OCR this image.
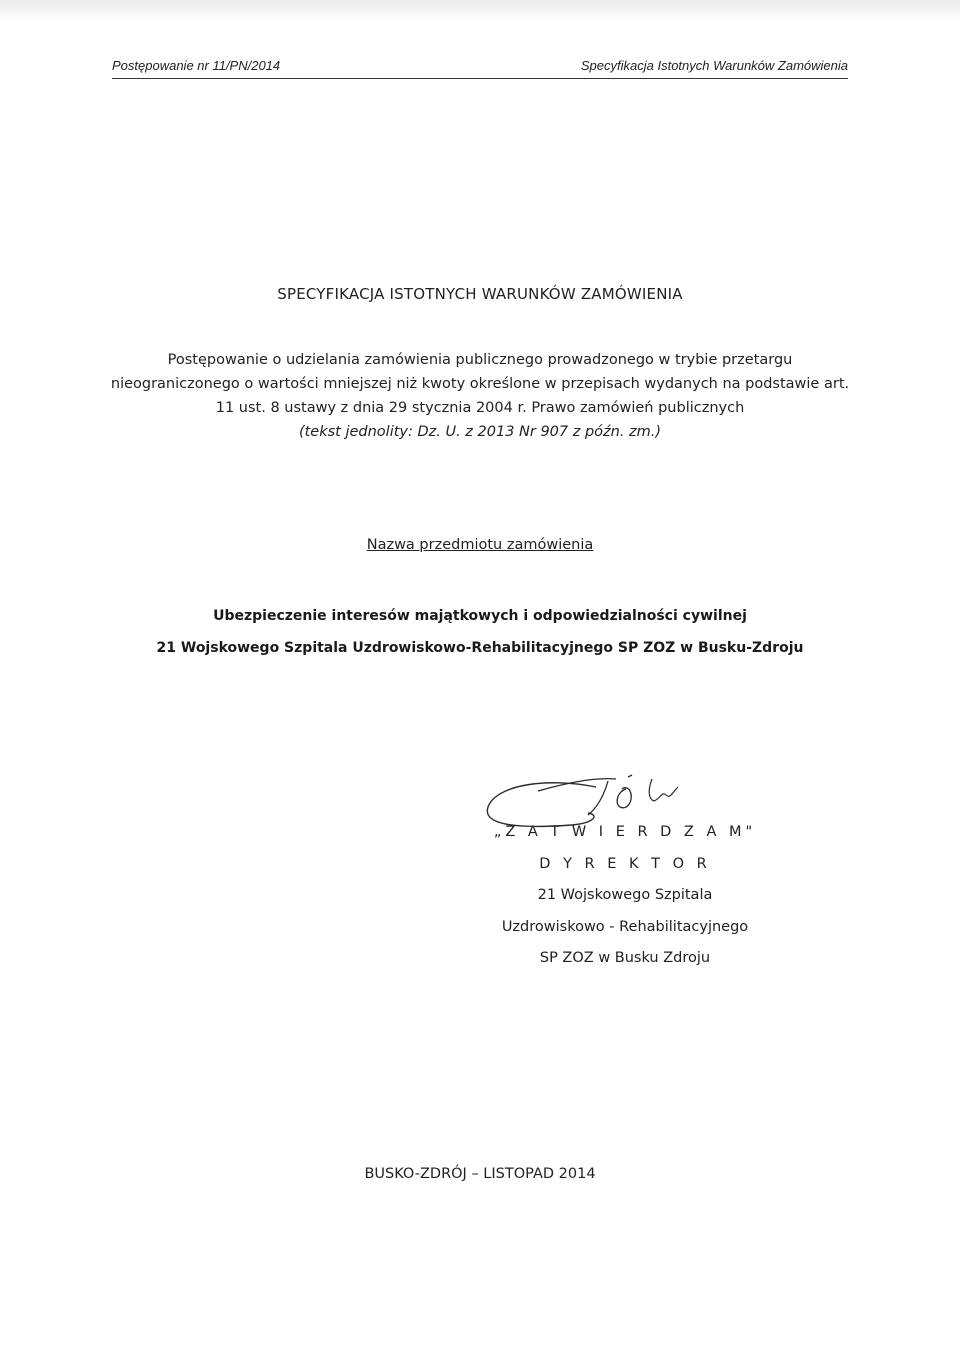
Postępowanie nr 11/PN/2014	Specyfikacja Istotnych Warunków Zamówienia
SPECYFIKACJA ISTOTNYCH WARUNKÓW ZAMÓWIENIA
Postępowanie o udzielania zamówienia publicznego prowadzonego w trybie przetargu
nieograniczonego o wartości mniejszej niż kwoty określone w przepisach wydanych na podstawie art.
11 ust. 8 ustawy z dnia 29 stycznia 2004 r. Prawo zamówień publicznych
(tekst jednolity: Dz. U. z 2013 Nr 907 z późn. zm.)
Nazwa przedmiotu zamówienia
Ubezpieczenie interesów majątkowych i odpowiedzialności cywilnej
21 Wojskowego Szpitala Uzdrowiskowo-Rehabilitacyjnego SP ZOZ w Busku-Zdroju
„Z A T W I E R D Z A M"
D Y R E K T O R
21 Wojskowego Szpitala
Uzdrowiskowo - Rehabilitacyjnego
SP ZOZ w Busku Zdroju
BUSKO-ZDRÓJ – LISTOPAD 2014
